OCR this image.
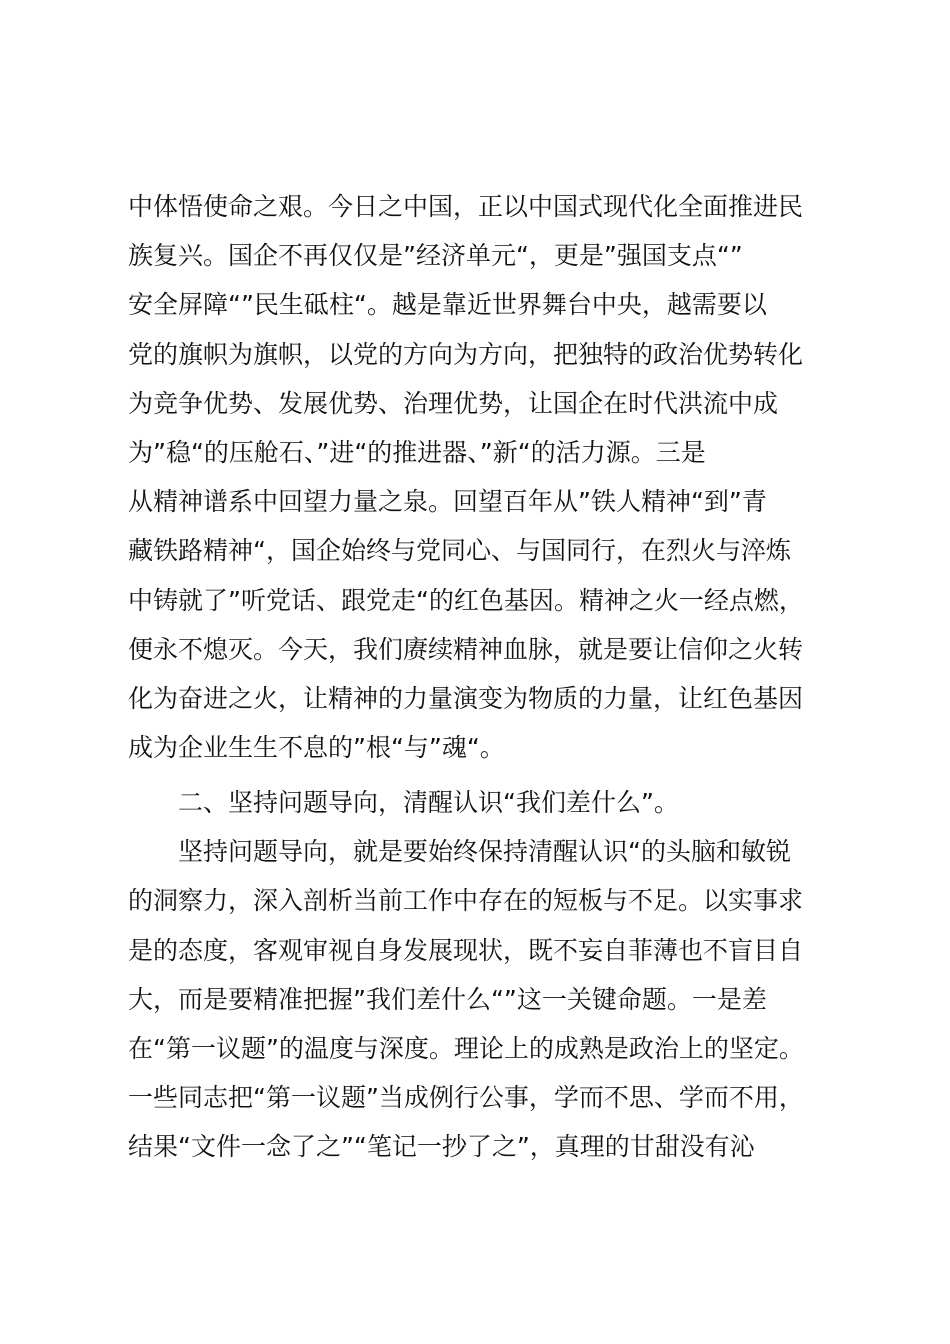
中体悟使命之艰。今日之中国，正以中国式现代化全面推进民
族复兴。国企不再仅仅是”经济单元“，更是”强国支点“”
安全屏障“”民生砥柱“。越是靠近世界舞台中央，越需要以
党的旗帜为旗帜，以党的方向为方向，把独特的政治优势转化
为竞争优势、发展优势、治理优势，让国企在时代洪流中成
为”稳“的压舱石、”进“的推进器、”新“的活力源。三是
从精神谱系中回望力量之泉。回望百年从”铁人精神“到”青
藏铁路精神“，国企始终与党同心、与国同行，在烈火与淬炼
中铸就了”听党话、跟党走“的红色基因。精神之火一经点燃，
便永不熄灭。今天，我们赓续精神血脉，就是要让信仰之火转
化为奋进之火，让精神的力量演变为物质的力量，让红色基因
成为企业生生不息的”根“与”魂“。
二、坚持问题导向，清醒认识“我们差什么”。
坚持问题导向，就是要始终保持清醒认识“的头脑和敏锐
的洞察力，深入剖析当前工作中存在的短板与不足。以实事求
是的态度，客观审视自身发展现状，既不妄自菲薄也不盲目自
大，而是要精准把握”我们差什么“”这一关键命题。一是差
在“第一议题”的温度与深度。理论上的成熟是政治上的坚定。
一些同志把“第一议题”当成例行公事，学而不思、学而不用，
结果“文件一念了之”“笔记一抄了之”，真理的甘甜没有沁
